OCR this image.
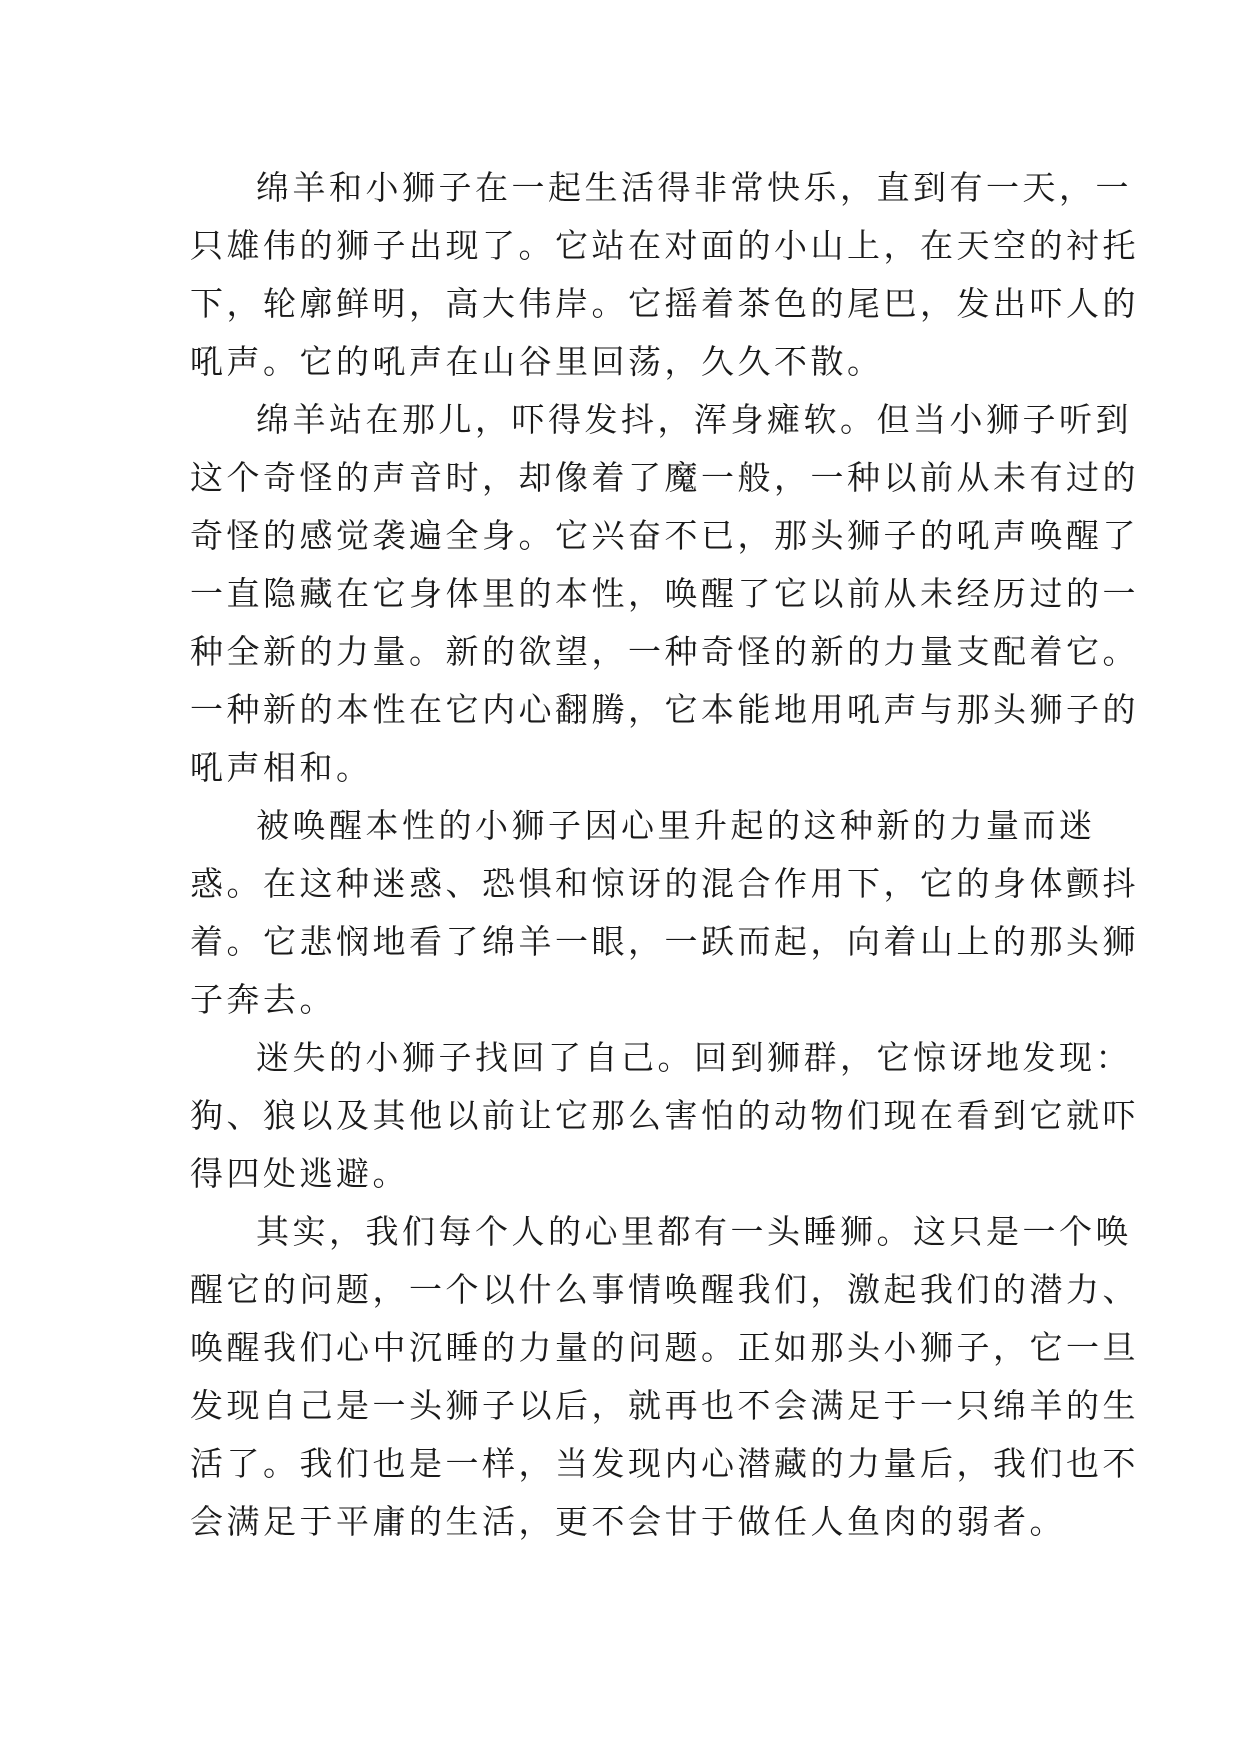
绵羊和小狮子在一起生活得非常快乐，直到有一天，一
只雄伟的狮子出现了。它站在对面的小山上，在天空的衬托
下，轮廓鲜明，高大伟岸。它摇着茶色的尾巴，发出吓人的
吼声。它的吼声在山谷里回荡，久久不散。
绵羊站在那儿，吓得发抖，浑身瘫软。但当小狮子听到
这个奇怪的声音时，却像着了魔一般，一种以前从未有过的
奇怪的感觉袭遍全身。它兴奋不已，那头狮子的吼声唤醒了
一直隐藏在它身体里的本性，唤醒了它以前从未经历过的一
种全新的力量。新的欲望，一种奇怪的新的力量支配着它。
一种新的本性在它内心翻腾，它本能地用吼声与那头狮子的
吼声相和。
被唤醒本性的小狮子因心里升起的这种新的力量而迷
惑。在这种迷惑、恐惧和惊讶的混合作用下，它的身体颤抖
着。它悲悯地看了绵羊一眼，一跃而起，向着山上的那头狮
子奔去。
迷失的小狮子找回了自己。回到狮群，它惊讶地发现：
狗、狼以及其他以前让它那么害怕的动物们现在看到它就吓
得四处逃避。
其实，我们每个人的心里都有一头睡狮。这只是一个唤
醒它的问题，一个以什么事情唤醒我们，激起我们的潜力、
唤醒我们心中沉睡的力量的问题。正如那头小狮子，它一旦
发现自己是一头狮子以后，就再也不会满足于一只绵羊的生
活了。我们也是一样，当发现内心潜藏的力量后，我们也不
会满足于平庸的生活，更不会甘于做任人鱼肉的弱者。
